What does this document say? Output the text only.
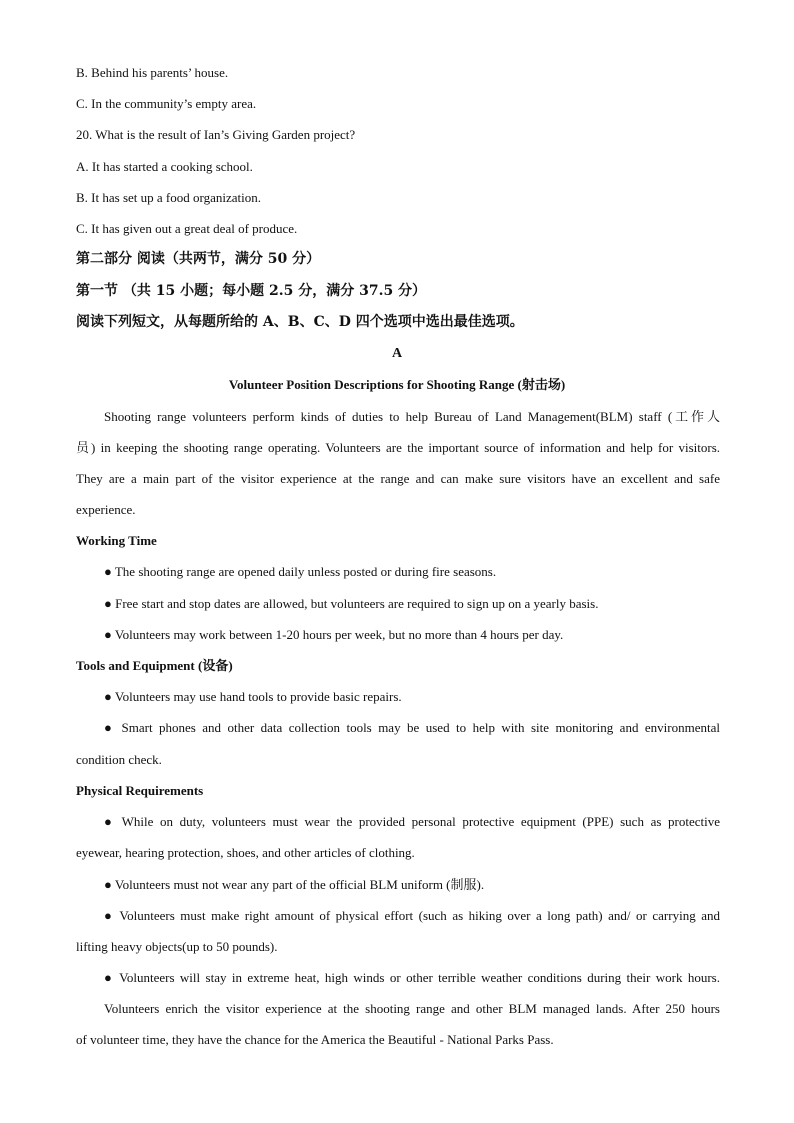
B. Behind his parents’ house.
C. In the community’s empty area.
20. What is the result of Ian’s Giving Garden project?
A. It has started a cooking school.
B. It has set up a food organization.
C. It has given out a great deal of produce.
第二部分 阅读（共两节，满分 50 分）
第一节 （共 15 小题；每小题 2.5 分，满分 37.5 分）
阅读下列短文，从每题所给的 A、B、C、D 四个选项中选出最佳选项。
A
Volunteer Position Descriptions for Shooting Range (射击场)
Shooting range volunteers perform kinds of duties to help Bureau of Land Management(BLM) staff (工作人
员) in keeping the shooting range operating. Volunteers are the important source of information and help for visitors.
They are a main part of the visitor experience at the range and can make sure visitors have an excellent and safe
experience.
Working Time
● The shooting range are opened daily unless posted or during fire seasons.
● Free start and stop dates are allowed, but volunteers are required to sign up on a yearly basis.
● Volunteers may work between 1-20 hours per week, but no more than 4 hours per day.
Tools and Equipment (设备)
● Volunteers may use hand tools to provide basic repairs.
● Smart phones and other data collection tools may be used to help with site monitoring and environmental
condition check.
Physical Requirements
● While on duty, volunteers must wear the provided personal protective equipment (PPE) such as protective
eyewear, hearing protection, shoes, and other articles of clothing.
● Volunteers must not wear any part of the official BLM uniform (制服).
● Volunteers must make right amount of physical effort (such as hiking over a long path) and/ or carrying and
lifting heavy objects(up to 50 pounds).
● Volunteers will stay in extreme heat, high winds or other terrible weather conditions during their work hours.
Volunteers enrich the visitor experience at the shooting range and other BLM managed lands. After 250 hours
of volunteer time, they have the chance for the America the Beautiful - National Parks Pass.
